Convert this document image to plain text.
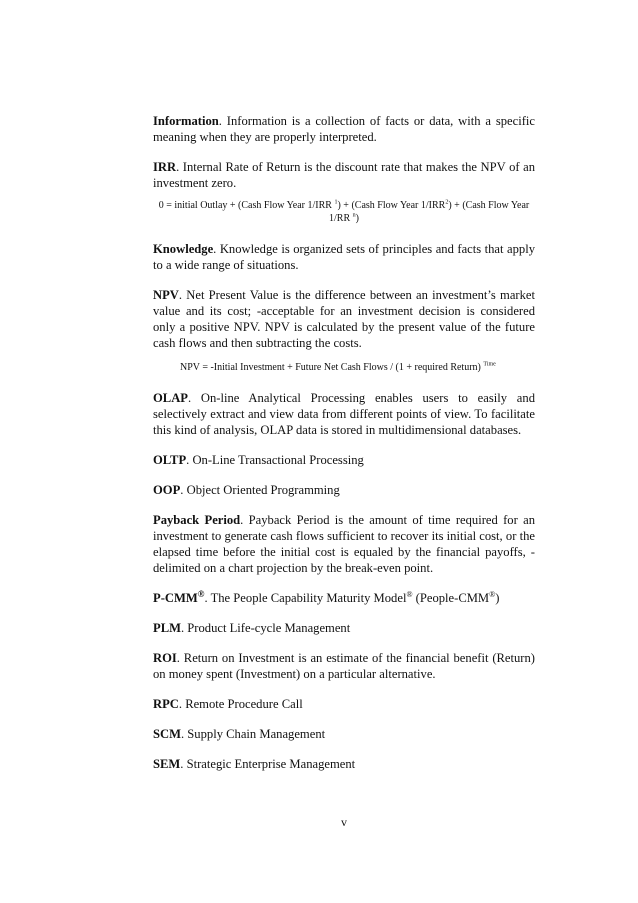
Information. Information is a collection of facts or data, with a specific meaning when they are properly interpreted.

IRR. Internal Rate of Return is the discount rate that makes the NPV of an investment zero.

0 = initial Outlay + (Cash Flow Year 1/IRR $^1$) + (Cash Flow Year $1/IRR^2$) + (Cash Flow Year 1/RR $^n$)

Knowledge. Knowledge is organized sets of principles and facts that apply to a wide range of situations.

NPV. Net Present Value is the difference between an investment’s market value and its cost; -acceptable for an investment decision is considered only a positive NPV. NPV is calculated by the present value of the future cash flows and then subtracting the costs.

NPV = -Initial Investment + Future Net Cash Flows / (1 + required Return) $^{Time}$

OLAP. On-line Analytical Processing enables users to easily and selectively extract and view data from different points of view. To facilitate this kind of analysis, OLAP data is stored in multidimensional databases.

OLTP. On-Line Transactional Processing

OOP. Object Oriented Programming

Payback Period. Payback Period is the amount of time required for an investment to generate cash flows sufficient to recover its initial cost, or the elapsed time before the initial cost is equaled by the financial payoffs, -delimited on a chart projection by the break-even point.

P-CMM®. The People Capability Maturity Model® (People-CMM®)

PLM. Product Life-cycle Management

ROI. Return on Investment is an estimate of the financial benefit (Return) on money spent (Investment) on a particular alternative.

RPC. Remote Procedure Call

SCM. Supply Chain Management

SEM. Strategic Enterprise Management

v
